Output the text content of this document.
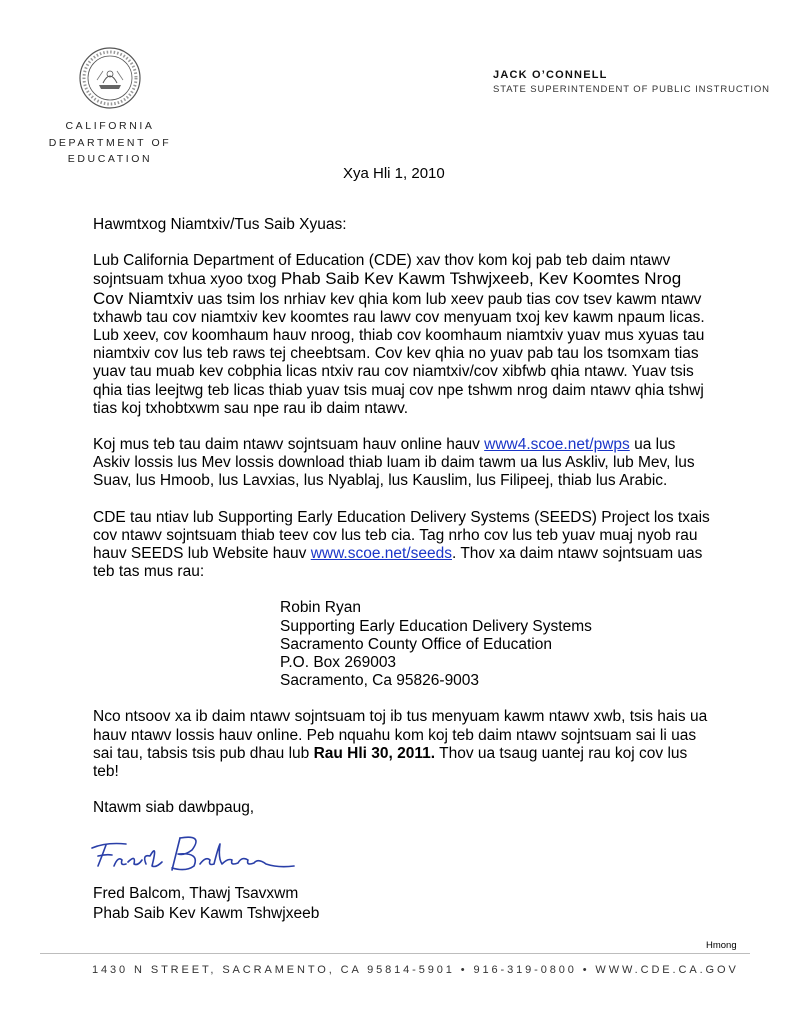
CALIFORNIA
DEPARTMENT OF
EDUCATION
JACK O’CONNELL
STATE SUPERINTENDENT OF PUBLIC INSTRUCTION
Xya Hli 1, 2010

Hawmtxog Niamtxiv/Tus Saib Xyuas:

Lub California Department of Education (CDE) xav thov kom koj pab teb daim ntawv sojntsuam txhua xyoo txog Phab Saib Kev Kawm Tshwjxeeb, Kev Koomtes Nrog Cov Niamtxiv uas tsim los nrhiav kev qhia kom lub xeev paub tias cov tsev kawm ntawv txhawb tau cov niamtxiv kev koomtes rau lawv cov menyuam txoj kev kawm npaum licas. Lub xeev, cov koomhaum hauv nroog, thiab cov koomhaum niamtxiv yuav mus xyuas tau niamtxiv cov lus teb raws tej cheebtsam. Cov kev qhia no yuav pab tau los tsomxam tias yuav tau muab kev cobphia licas ntxiv rau cov niamtxiv/cov xibfwb qhia ntawv. Yuav tsis qhia tias leejtwg teb licas thiab yuav tsis muaj cov npe tshwm nrog daim ntawv qhia tshwj tias koj txhobtxwm sau npe rau ib daim ntawv.

Koj mus teb tau daim ntawv sojntsuam hauv online hauv www4.scoe.net/pwps ua lus Askiv lossis lus Mev lossis download thiab luam ib daim tawm ua lus Askliv, lub Mev, lus Suav, lus Hmoob, lus Lavxias, lus Nyablaj, lus Kauslim, lus Filipeej, thiab lus Arabic.

CDE tau ntiav lub Supporting Early Education Delivery Systems (SEEDS) Project los txais cov ntawv sojntsuam thiab teev cov lus teb cia. Tag nrho cov lus teb yuav muaj nyob rau hauv SEEDS lub Website hauv www.scoe.net/seeds. Thov xa daim ntawv sojntsuam uas teb tas mus rau:

Robin Ryan
Supporting Early Education Delivery Systems
Sacramento County Office of Education
P.O. Box 269003
Sacramento, Ca 95826-9003

Nco ntsoov xa ib daim ntawv sojntsuam toj ib tus menyuam kawm ntawv xwb, tsis hais ua hauv ntawv lossis hauv online. Peb nquahu kom koj teb daim ntawv sojntsuam sai li uas sai tau, tabsis tsis pub dhau lub Rau Hli 30, 2011. Thov ua tsaug uantej rau koj cov lus teb!

Ntawm siab dawbpaug,

Fred Balcom, Thawj Tsavxwm
Phab Saib Kev Kawm Tshwjxeeb
Hmong
1430 N STREET, SACRAMENTO, CA 95814-5901 • 916-319-0800 • WWW.CDE.CA.GOV
